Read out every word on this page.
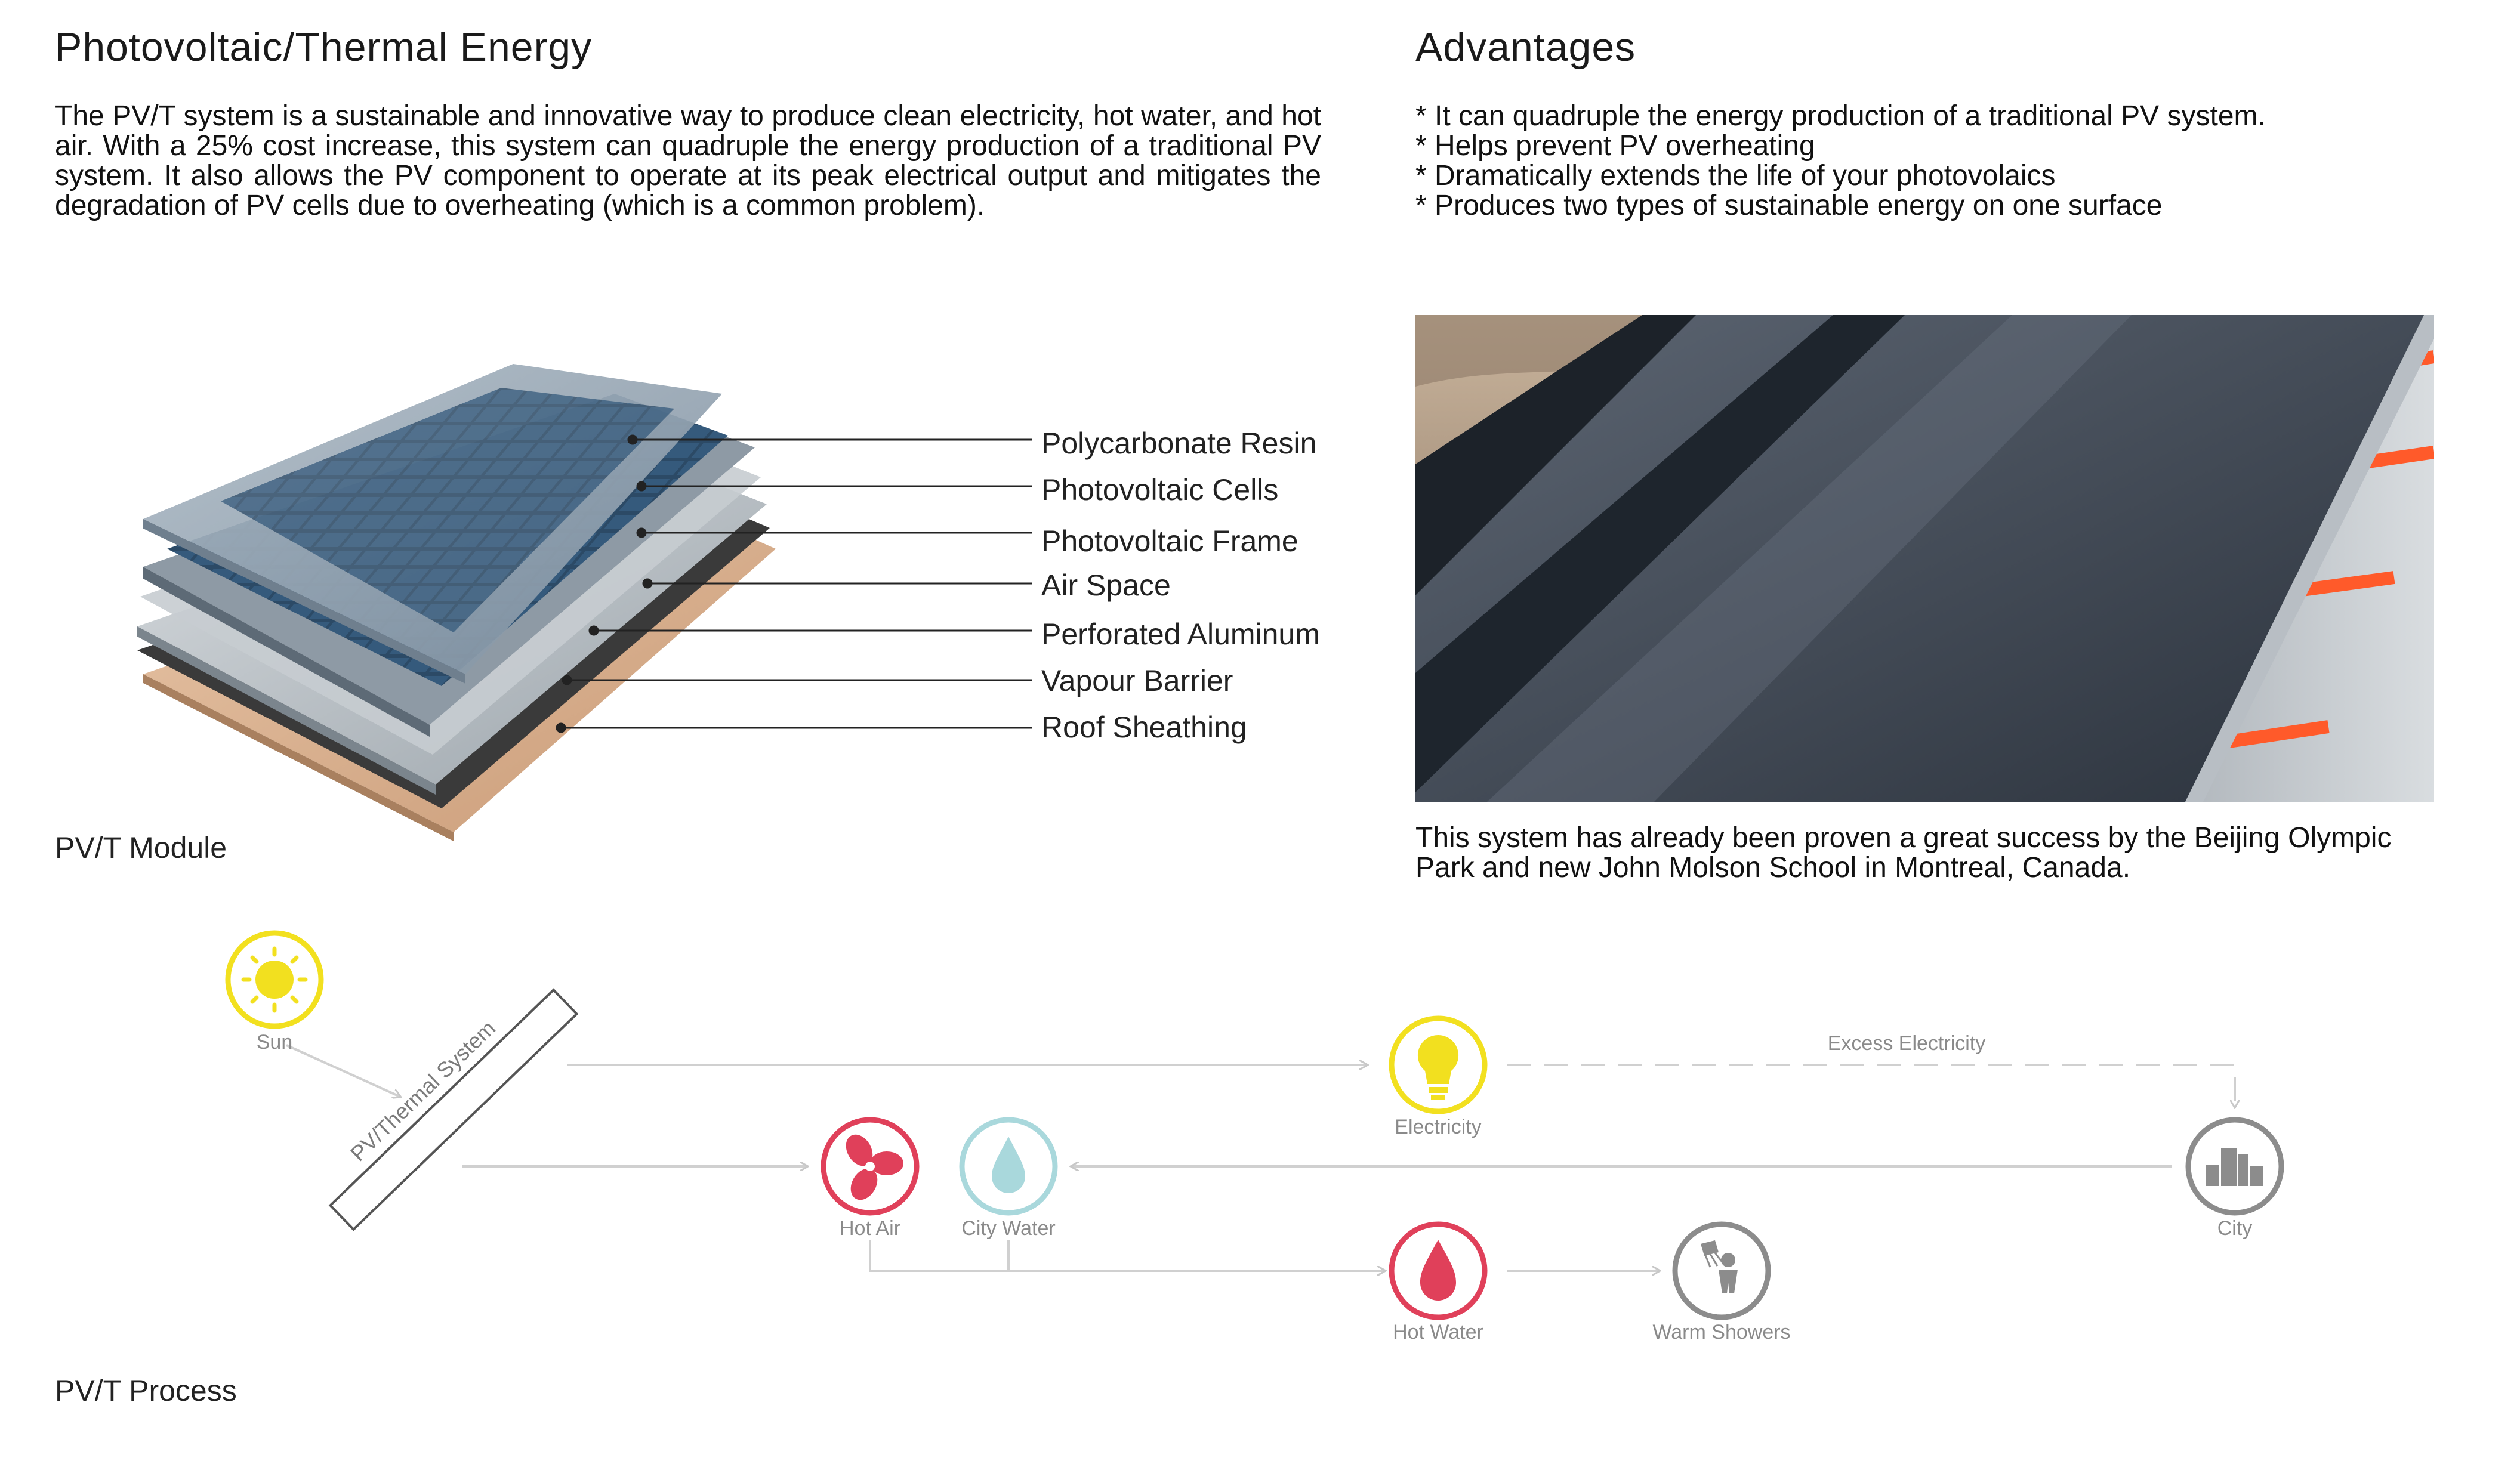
Photovoltaic/Thermal Energy
The PV/T system is a sustainable and innovative way to produce clean electricity, hot water, and hot air. With a 25% cost increase, this system can quadruple the energy production of a traditional PV system. It also allows the PV component to operate at its peak electrical output and mitigates the degradation of PV cells due to overheating (which is a common problem).
Advantages
* It can quadruple the energy production of a traditional PV system.
* Helps prevent PV overheating
* Dramatically extends the life of your photovolaics
* Produces two types of sustainable energy on one surface
Polycarbonate Resin
Photovoltaic Cells
Photovoltaic Frame
Air Space
Perforated Aluminum
Vapour Barrier
Roof Sheathing
PV/T Module	This system has already been proven a great success by the Beijing Olympic Park and new John Molson School in Montreal, Canada.
PV/Thermal System
Sun
Electricity
Hot Air	City Water	City
Hot Water	Warm Showers
Excess Electricity
PV/T Process
